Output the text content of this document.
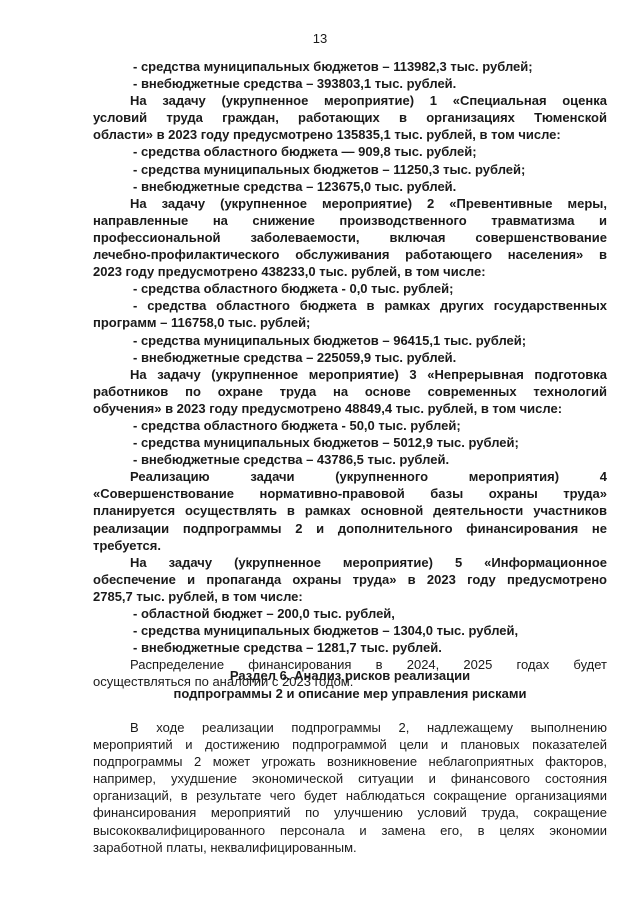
13
- средства муниципальных бюджетов – 113982,3 тыс. рублей;
- внебюджетные средства – 393803,1 тыс. рублей.
На задачу (укрупненное мероприятие) 1 «Специальная оценка
условий труда граждан, работающих в организациях Тюменской
области» в 2023 году предусмотрено 135835,1 тыс. рублей, в том числе:
- средства областного бюджета — 909,8 тыс. рублей;
- средства муниципальных бюджетов – 11250,3 тыс. рублей;
- внебюджетные средства – 123675,0 тыс. рублей.
На задачу (укрупненное мероприятие) 2 «Превентивные меры,
направленные на снижение производственного травматизма и
профессиональной заболеваемости, включая совершенствование
лечебно-профилактического обслуживания работающего населения» в
2023 году предусмотрено 438233,0 тыс. рублей, в том числе:
- средства областного бюджета - 0,0 тыс. рублей;
- средства областного бюджета в рамках других государственных
программ – 116758,0 тыс. рублей;
- средства муниципальных бюджетов – 96415,1 тыс. рублей;
- внебюджетные средства – 225059,9 тыс. рублей.
На задачу (укрупненное мероприятие) 3 «Непрерывная подготовка
работников по охране труда на основе современных технологий
обучения» в 2023 году предусмотрено 48849,4 тыс. рублей, в том числе:
- средства областного бюджета - 50,0 тыс. рублей;
- средства муниципальных бюджетов – 5012,9 тыс. рублей;
- внебюджетные средства – 43786,5 тыс. рублей.
Реализацию задачи (укрупненного мероприятия) 4
«Совершенствование нормативно-правовой базы охраны труда»
планируется осуществлять в рамках основной деятельности участников
реализации подпрограммы 2 и дополнительного финансирования не
требуется.
На задачу (укрупненное мероприятие) 5 «Информационное
обеспечение и пропаганда охраны труда» в 2023 году предусмотрено
2785,7 тыс. рублей, в том числе:
- областной бюджет – 200,0 тыс. рублей,
- средства муниципальных бюджетов – 1304,0 тыс. рублей,
- внебюджетные средства – 1281,7 тыс. рублей.
Распределение финансирования в 2024, 2025 годах будет
осуществляться по аналогии с 2023 годом.
Раздел 6. Анализ рисков реализации
подпрограммы 2 и описание мер управления рисками
В ходе реализации подпрограммы 2, надлежащему выполнению
мероприятий и достижению подпрограммой цели и плановых показателей
подпрограммы 2 может угрожать возникновение неблагоприятных факторов,
например, ухудшение экономической ситуации и финансового состояния
организаций, в результате чего будет наблюдаться сокращение организациями
финансирования мероприятий по улучшению условий труда, сокращение
высококвалифицированного персонала и замена его, в целях экономии
заработной платы, неквалифицированным.
